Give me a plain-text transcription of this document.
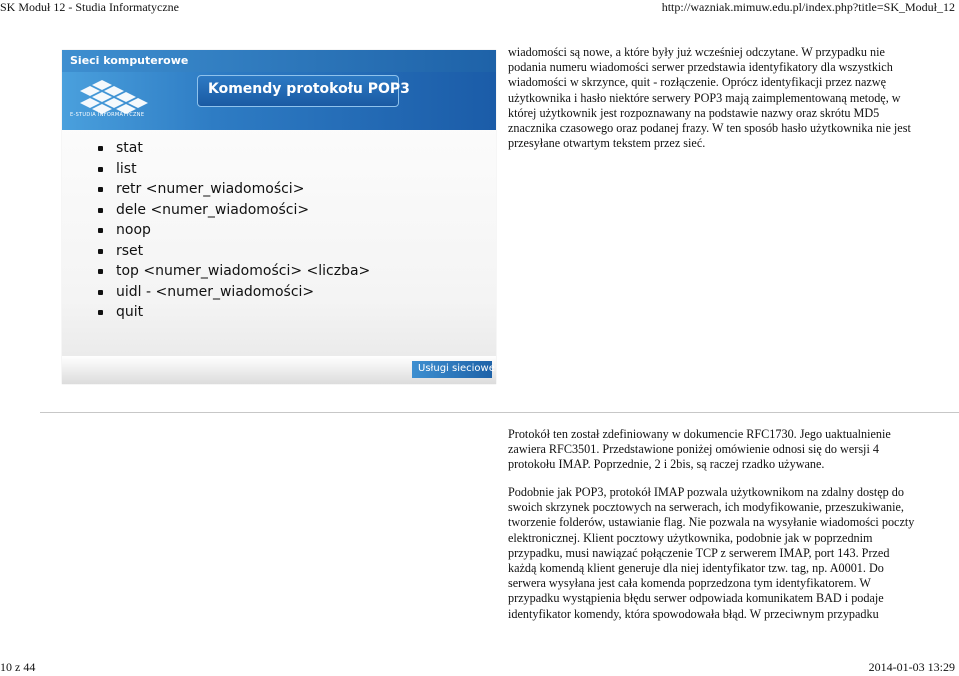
SK Moduł 12 - Studia Informatyczne	http://wazniak.mimuw.edu.pl/index.php?title=SK_Moduł_12
Sieci komputerowe
E-STUDIA INFORMATYCZNE
Komendy protokołu POP3
stat
list
retr <numer_wiadomości>
dele <numer_wiadomości>
noop
rset
top <numer_wiadomości> <liczba>
uidl - <numer_wiadomości>
quit
Usługi sieciowe
wiadomości są nowe, a które były już wcześniej odczytane. W przypadku nie podania numeru wiadomości serwer przedstawia identyfikatory dla wszystkich wiadomości w skrzynce, quit - rozłączenie. Oprócz identyfikacji przez nazwę użytkownika i hasło niektóre serwery POP3 mają zaimplementowaną metodę, w której użytkownik jest rozpoznawany na podstawie nazwy oraz skrótu MD5 znacznika czasowego oraz podanej frazy. W ten sposób hasło użytkownika nie jest przesyłane otwartym tekstem przez sieć.
Protokół ten został zdefiniowany w dokumencie RFC1730. Jego uaktualnienie zawiera RFC3501. Przedstawione poniżej omówienie odnosi się do wersji 4 protokołu IMAP. Poprzednie, 2 i 2bis, są raczej rzadko używane.
Podobnie jak POP3, protokół IMAP pozwala użytkownikom na zdalny dostęp do swoich skrzynek pocztowych na serwerach, ich modyfikowanie, przeszukiwanie, tworzenie folderów, ustawianie flag. Nie pozwala na wysyłanie wiadomości poczty elektronicznej. Klient pocztowy użytkownika, podobnie jak w poprzednim przypadku, musi nawiązać połączenie TCP z serwerem IMAP, port 143. Przed każdą komendą klient generuje dla niej identyfikator tzw. tag, np. A0001. Do serwera wysyłana jest cała komenda poprzedzona tym identyfikatorem. W przypadku wystąpienia błędu serwer odpowiada komunikatem BAD i podaje identyfikator komendy, która spowodowała błąd. W przeciwnym przypadku
10 z 44	2014-01-03 13:29
